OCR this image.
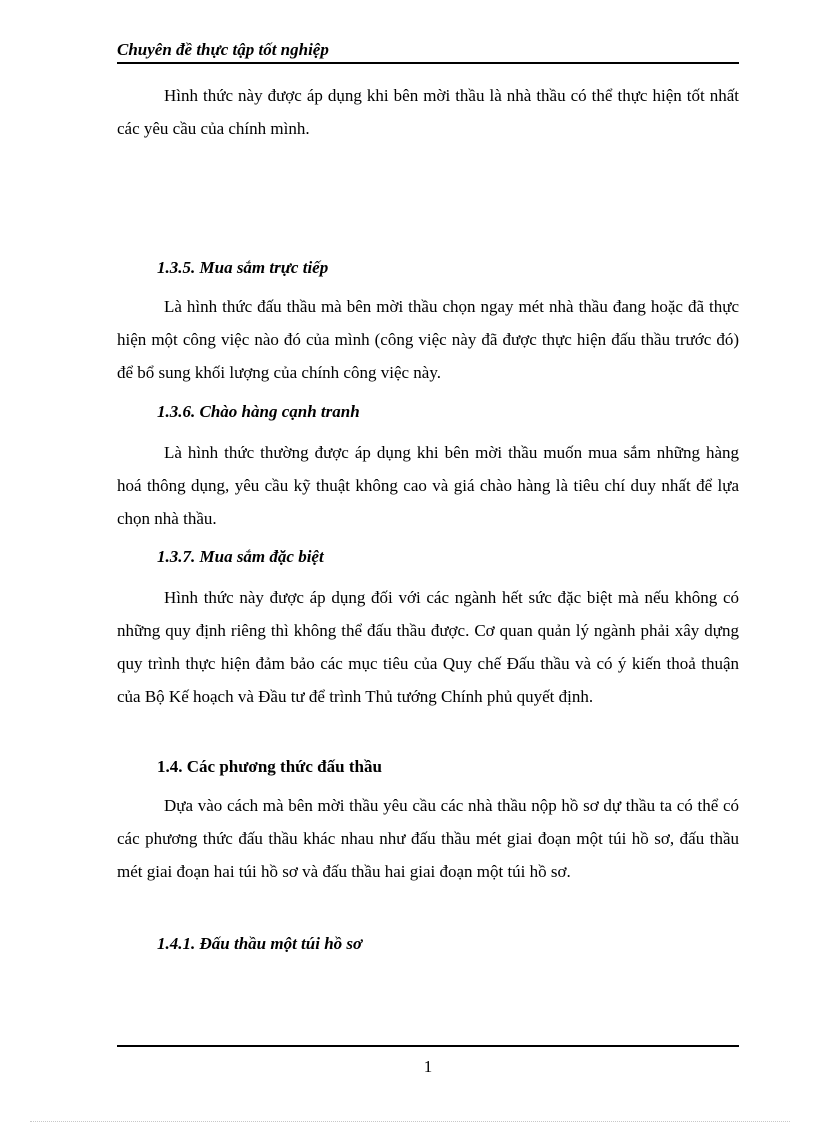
Chuyên đề thực tập tốt nghiệp
Hình thức này được áp dụng khi bên mời thầu là nhà thầu có thể thực hiện tốt nhất các yêu cầu của chính mình.
1.3.5. Mua sắm trực tiếp
Là hình thức đấu thầu mà bên mời thầu chọn ngay mét nhà thầu đang hoặc đã thực hiện một công việc nào đó của mình (công việc này đã được thực hiện đấu thầu trước đó) để bổ sung khối lượng của chính công việc này.
1.3.6. Chào hàng cạnh tranh
Là hình thức thường được áp dụng khi bên mời thầu muốn mua sắm những hàng hoá thông dụng, yêu cầu kỹ thuật không cao và giá chào hàng là tiêu chí duy nhất để lựa chọn nhà thầu.
1.3.7. Mua sắm đặc biệt
Hình thức này được áp dụng đối với các ngành hết sức đặc biệt mà nếu không có những quy định riêng thì không thể đấu thầu được. Cơ quan quản lý ngành phải xây dựng quy trình thực hiện đảm bảo các mục tiêu của Quy chế Đấu thầu và có ý kiến thoả thuận của Bộ Kế hoạch và Đầu tư để trình Thủ tướng Chính phủ quyết định.
1.4. Các phương thức đấu thầu
Dựa vào cách mà bên mời thầu yêu cầu các nhà thầu nộp hồ sơ dự thầu ta có thể có các phương thức đấu thầu khác nhau như đấu thầu mét giai đoạn một túi hồ sơ, đấu thầu mét giai đoạn hai túi hồ sơ và đấu thầu hai giai đoạn một túi hồ sơ.
1.4.1. Đấu thầu một túi hồ sơ
1
